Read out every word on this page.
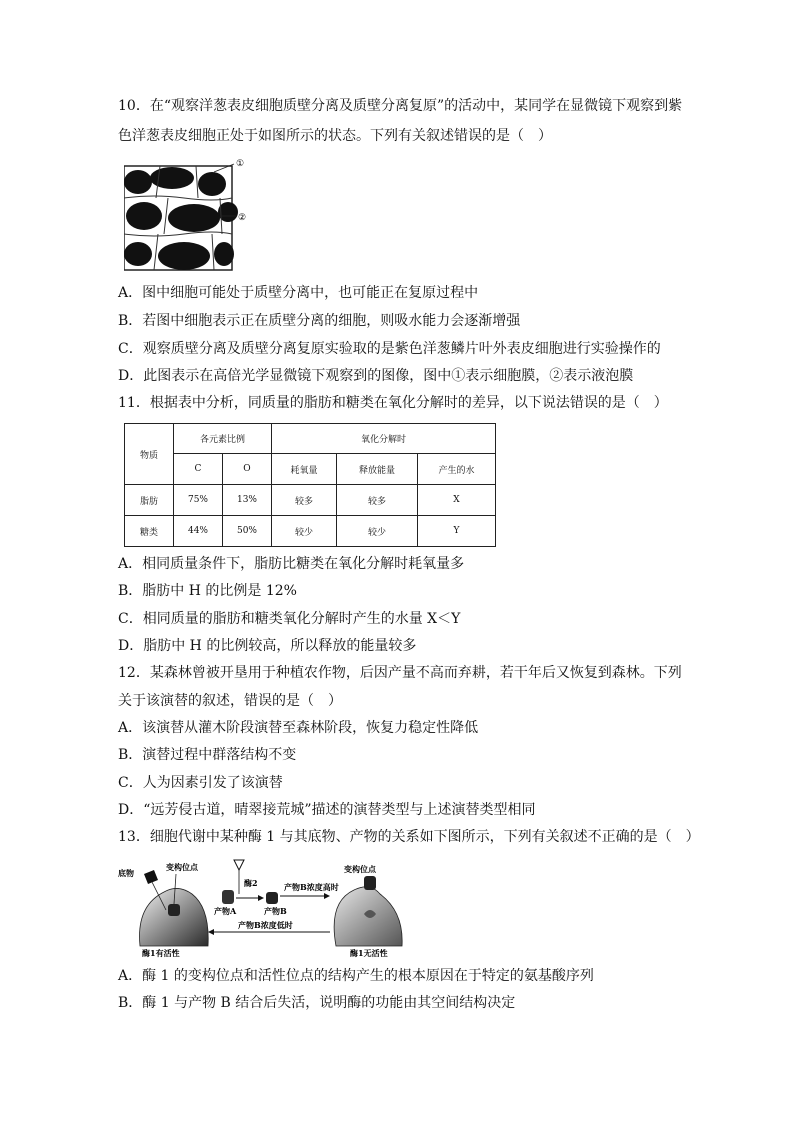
10．在“观察洋葱表皮细胞质壁分离及质壁分离复原”的活动中，某同学在显微镜下观察到紫
色洋葱表皮细胞正处于如图所示的状态。下列有关叙述错误的是（　）
①
②
A．图中细胞可能处于质壁分离中，也可能正在复原过程中
B．若图中细胞表示正在质壁分离的细胞，则吸水能力会逐渐增强
C．观察质壁分离及质壁分离复原实验取的是紫色洋葱鳞片叶外表皮细胞进行实验操作的
D．此图表示在高倍光学显微镜下观察到的图像，图中①表示细胞膜，②表示液泡膜
11．根据表中分析，同质量的脂肪和糖类在氧化分解时的差异，以下说法错误的是（　）
物质	各元素比例		氧化分解时		
	C	O	耗氧量	释放能量	产生的水
脂肪	75%	13%	较多	较多	X
糖类	44%	50%	较少	较少	Y
A．相同质量条件下，脂肪比糖类在氧化分解时耗氧量多
B．脂肪中 H 的比例是 12%
C．相同质量的脂肪和糖类氧化分解时产生的水量 X＜Y
D．脂肪中 H 的比例较高，所以释放的能量较多
12．某森林曾被开垦用于种植农作物，后因产量不高而弃耕，若干年后又恢复到森林。下列
关于该演替的叙述，错误的是（　）
A．该演替从灌木阶段演替至森林阶段，恢复力稳定性降低
B．演替过程中群落结构不变
C．人为因素引发了该演替
D．“远芳侵古道，晴翠接荒城”描述的演替类型与上述演替类型相同
13．细胞代谢中某种酶 1 与其底物、产物的关系如下图所示，下列有关叙述不正确的是（　）
底物
变构位点
产物A
酶2
产物B
产物B浓度高时
产物B浓度低时
变构位点
酶1有活性	酶1无活性
A．酶 1 的变构位点和活性位点的结构产生的根本原因在于特定的氨基酸序列
B．酶 1 与产物 B 结合后失活，说明酶的功能由其空间结构决定
